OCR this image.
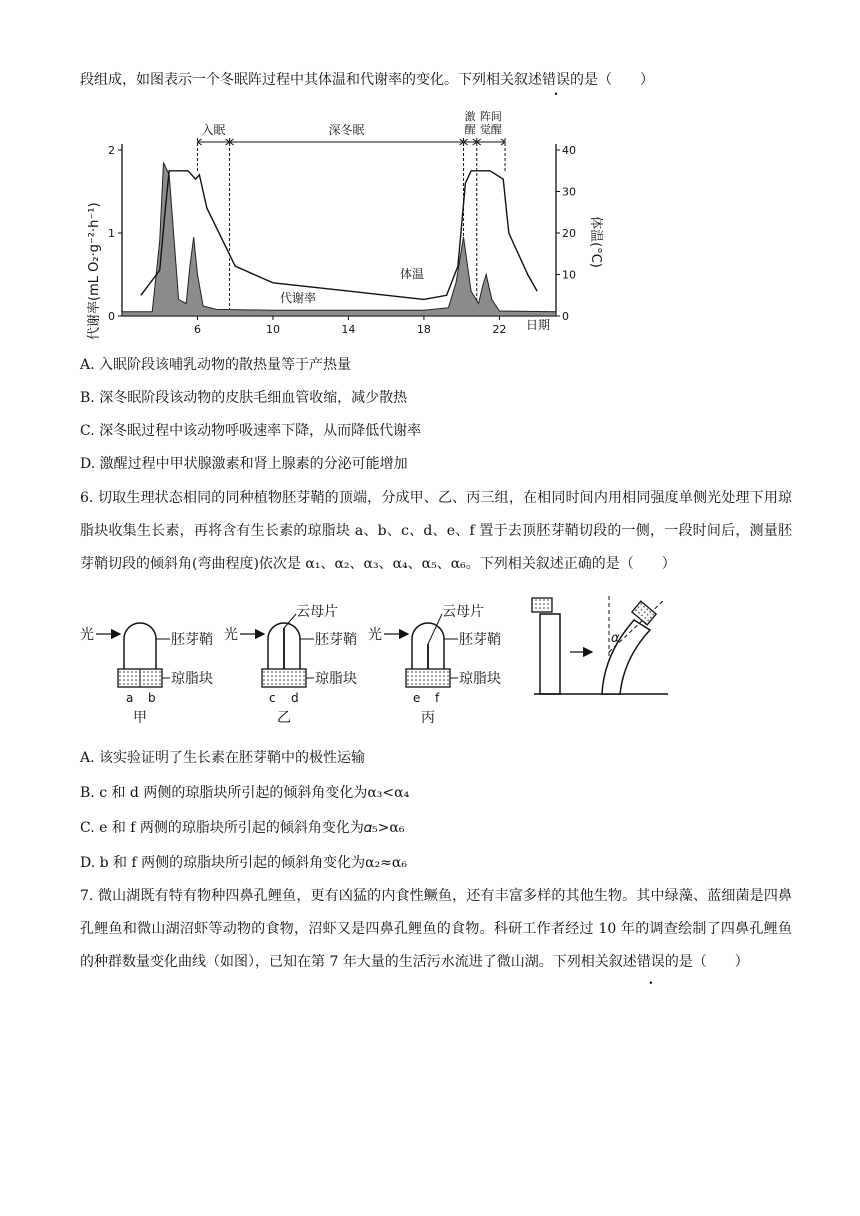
段组成，如图表示一个冬眠阵过程中其体温和代谢率的变化。下列相关叙述错误的是（　　）
入眠	深冬眠
激
醒
阵间
觉醒
0
1
2
0
10
20
30
40
6	10	14	18	22
代谢率(mL O₂·g⁻²·h⁻¹)	体温(°C)
日期
体温
代谢率
A. 入眠阶段该哺乳动物的散热量等于产热量
B. 深冬眠阶段该动物的皮肤毛细血管收缩，减少散热
C. 深冬眠过程中该动物呼吸速率下降，从而降低代谢率
D. 激醒过程中甲状腺激素和肾上腺素的分泌可能增加
6. 切取生理状态相同的同种植物胚芽鞘的顶端，分成甲、乙、丙三组，在相同时间内用相同强度单侧光处理下用琼脂块收集生长素，再将含有生长素的琼脂块 a、b、c、d、e、f 置于去顶胚芽鞘切段的一侧，一段时间后，测量胚芽鞘切段的倾斜角(弯曲程度)依次是 α₁、α₂、α₃、α₄、α₅、α₆。下列相关叙述正确的是（　　）
光	胚芽鞘
琼脂块
a b
甲
光
云母片
胚芽鞘
琼脂块
c d
乙
光
云母片
胚芽鞘
琼脂块
e f
丙
α
A. 该实验证明了生长素在胚芽鞘中的极性运输
B. c 和 d 两侧的琼脂块所引起的倾斜角变化为α₃<α₄
C. e 和 f 两侧的琼脂块所引起的倾斜角变化为𝛼₅>α₆
D. b 和 f 两侧的琼脂块所引起的倾斜角变化为α₂≈α₆
7. 微山湖既有特有物种四鼻孔鲤鱼，更有凶猛的内食性鳜鱼，还有丰富多样的其他生物。其中绿藻、蓝细菌是四鼻孔鲤鱼和微山湖沼虾等动物的食物，沼虾又是四鼻孔鲤鱼的食物。科研工作者经过 10 年的调查绘制了四鼻孔鲤鱼的种群数量变化曲线（如图），已知在第 7 年大量的生活污水流进了微山湖。下列相关叙述错误的是（　　）
